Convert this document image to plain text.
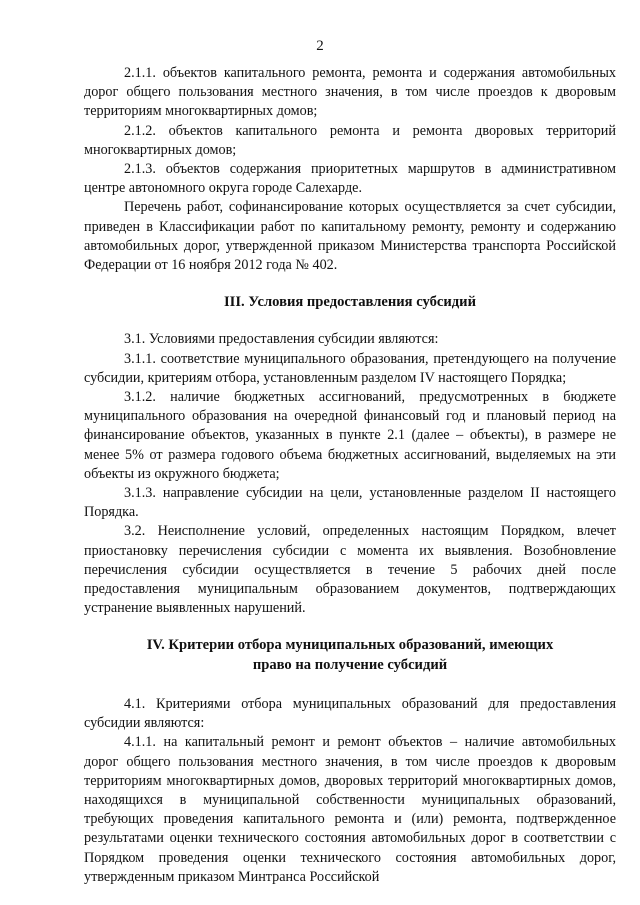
2

2.1.1. объектов капитального ремонта, ремонта и содержания автомобильных дорог общего пользования местного значения, в том числе проездов к дворовым территориям многоквартирных домов;

2.1.2. объектов капитального ремонта и ремонта дворовых территорий многоквартирных домов;

2.1.3. объектов содержания приоритетных маршрутов в административном центре автономного округа городе Салехарде.

Перечень работ, софинансирование которых осуществляется за счет субсидии, приведен в Классификации работ по капитальному ремонту, ремонту и содержанию автомобильных дорог, утвержденной приказом Министерства транспорта Российской Федерации от 16 ноября 2012 года № 402.

III. Условия предоставления субсидий

3.1. Условиями предоставления субсидии являются:

3.1.1. соответствие муниципального образования, претендующего на получение субсидии, критериям отбора, установленным разделом IV настоящего Порядка;

3.1.2. наличие бюджетных ассигнований, предусмотренных в бюджете муниципального образования на очередной финансовый год и плановый период на финансирование объектов, указанных в пункте 2.1 (далее – объекты), в размере не менее 5% от размера годового объема бюджетных ассигнований, выделяемых на эти объекты из окружного бюджета;

3.1.3. направление субсидии на цели, установленные разделом II настоящего Порядка.

3.2. Неисполнение условий, определенных настоящим Порядком, влечет приостановку перечисления субсидии с момента их выявления. Возобновление перечисления субсидии осуществляется в течение 5 рабочих дней после предоставления муниципальным образованием документов, подтверждающих устранение выявленных нарушений.

IV. Критерии отбора муниципальных образований, имеющих право на получение субсидий

4.1. Критериями отбора муниципальных образований для предоставления субсидии являются:

4.1.1. на капитальный ремонт и ремонт объектов – наличие автомобильных дорог общего пользования местного значения, в том числе проездов к дворовым территориям многоквартирных домов, дворовых территорий многоквартирных домов, находящихся в муниципальной собственности муниципальных образований, требующих проведения капитального ремонта и (или) ремонта, подтвержденное результатами оценки технического состояния автомобильных дорог в соответствии с Порядком проведения оценки технического состояния автомобильных дорог, утвержденным приказом Минтранса Российской
